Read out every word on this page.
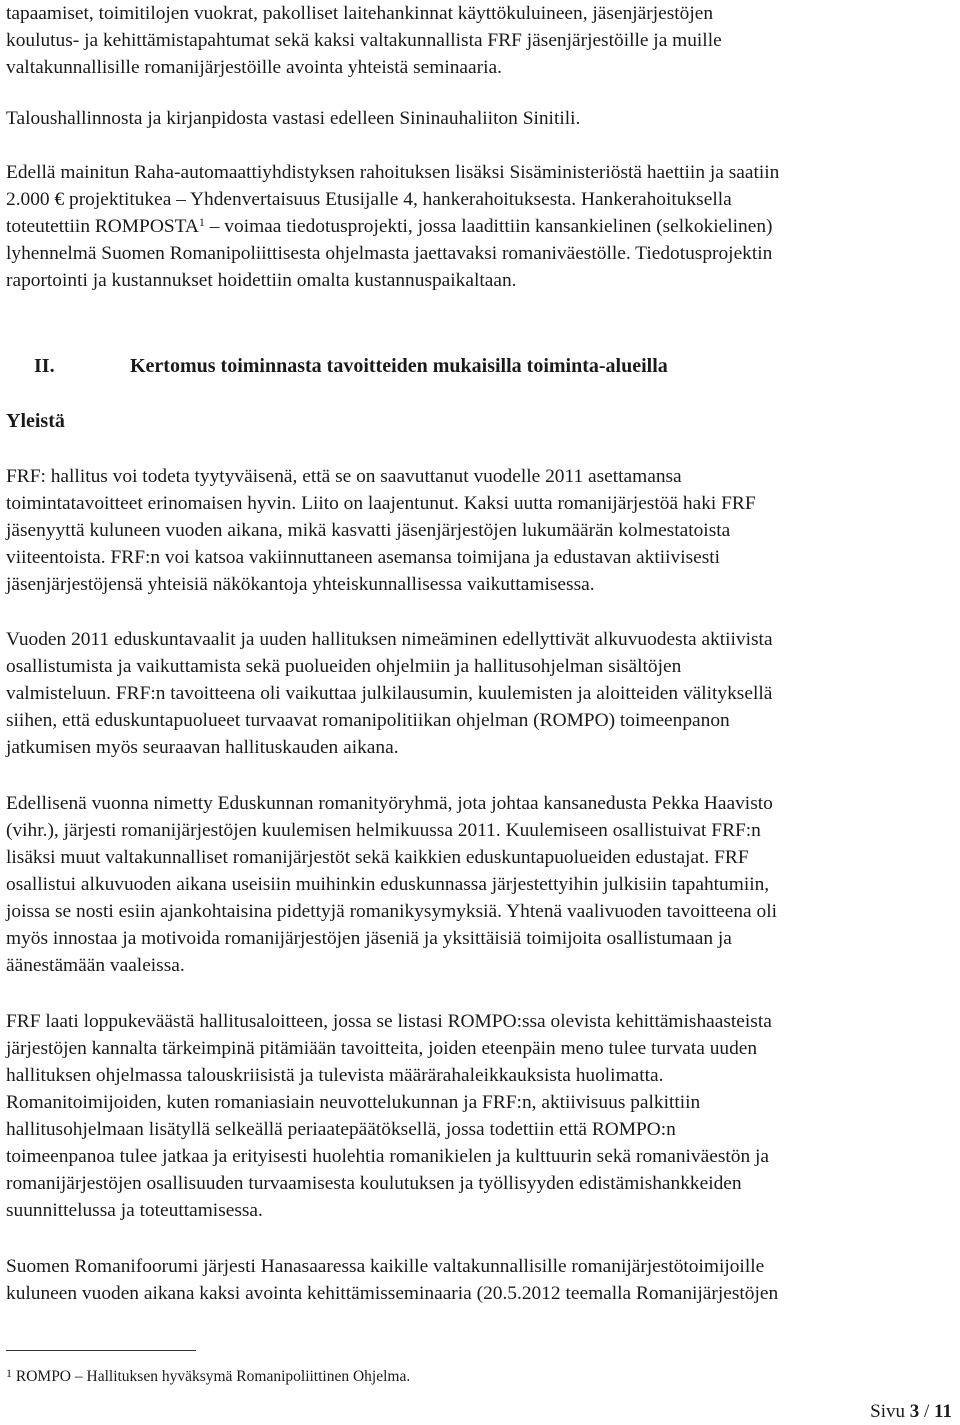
tapaamiset, toimitilojen vuokrat, pakolliset laitehankinnat käyttökuluineen, jäsenjärjestöjen
koulutus- ja kehittämistapahtumat sekä kaksi valtakunnallista FRF jäsenjärjestöille ja muille
valtakunnallisille romanijärjestöille avointa yhteistä seminaaria.
Taloushallinnosta ja kirjanpidosta vastasi edelleen Sininauhaliiton Sinitili.
Edellä mainitun Raha-automaattiyhdistyksen rahoituksen lisäksi Sisäministeriöstä haettiin ja saatiin
2.000 € projektitukea – Yhdenvertaisuus Etusijalle 4, hankerahoituksesta. Hankerahoituksella
toteutettiin ROMPOSTA$^1$ – voimaa tiedotusprojekti, jossa laadittiin kansankielinen (selkokielinen)
lyhennelmä Suomen Romanipoliittisesta ohjelmasta jaettavaksi romaniväestölle. Tiedotusprojektin
raportointi ja kustannukset hoidettiin omalta kustannuspaikaltaan.
II.	Kertomus toiminnasta tavoitteiden mukaisilla toiminta-alueilla
Yleistä
FRF: hallitus voi todeta tyytyväisenä, että se on saavuttanut vuodelle 2011 asettamansa
toimintatavoitteet erinomaisen hyvin. Liito on laajentunut. Kaksi uutta romanijärjestöä haki FRF
jäsenyyttä kuluneen vuoden aikana, mikä kasvatti jäsenjärjestöjen lukumäärän kolmestatoista
viiteentoista. FRF:n voi katsoa vakiinnuttaneen asemansa toimijana ja edustavan aktiivisesti
jäsenjärjestöjensä yhteisiä näkökantoja yhteiskunnallisessa vaikuttamisessa.
Vuoden 2011 eduskuntavaalit ja uuden hallituksen nimeäminen edellyttivät alkuvuodesta aktiivista
osallistumista ja vaikuttamista sekä puolueiden ohjelmiin ja hallitusohjelman sisältöjen
valmisteluun. FRF:n tavoitteena oli vaikuttaa julkilausumin, kuulemisten ja aloitteiden välityksellä
siihen, että eduskuntapuolueet turvaavat romanipolitiikan ohjelman (ROMPO) toimeenpanon
jatkumisen myös seuraavan hallituskauden aikana.
Edellisenä vuonna nimetty Eduskunnan romanityöryhmä, jota johtaa kansanedusta Pekka Haavisto
(vihr.), järjesti romanijärjestöjen kuulemisen helmikuussa 2011. Kuulemiseen osallistuivat FRF:n
lisäksi muut valtakunnalliset romanijärjestöt sekä kaikkien eduskuntapuolueiden edustajat. FRF
osallistui alkuvuoden aikana useisiin muihinkin eduskunnassa järjestettyihin julkisiin tapahtumiin,
joissa se nosti esiin ajankohtaisina pidettyjä romanikysymyksiä. Yhtenä vaalivuoden tavoitteena oli
myös innostaa ja motivoida romanijärjestöjen jäseniä ja yksittäisiä toimijoita osallistumaan ja
äänestämään vaaleissa.
FRF laati loppukeväästä hallitusaloitteen, jossa se listasi ROMPO:ssa olevista kehittämishaasteista
järjestöjen kannalta tärkeimpinä pitämiään tavoitteita, joiden eteenpäin meno tulee turvata uuden
hallituksen ohjelmassa talouskriisistä ja tulevista määrärahaleikkauksista huolimatta.
Romanitoimijoiden, kuten romaniasiain neuvottelukunnan ja FRF:n, aktiivisuus palkittiin
hallitusohjelmaan lisätyllä selkeällä periaatepäätöksellä, jossa todettiin että ROMPO:n
toimeenpanoa tulee jatkaa ja erityisesti huolehtia romanikielen ja kulttuurin sekä romaniväestön ja
romanijärjestöjen osallisuuden turvaamisesta koulutuksen ja työllisyyden edistämishankkeiden
suunnittelussa ja toteuttamisessa.
Suomen Romanifoorumi järjesti Hanasaaressa kaikille valtakunnallisille romanijärjestötoimijoille
kuluneen vuoden aikana kaksi avointa kehittämisseminaaria (20.5.2012 teemalla Romanijärjestöjen
$^1$ ROMPO – Hallituksen hyväksymä Romanipoliittinen Ohjelma.
Sivu 3 / 11
